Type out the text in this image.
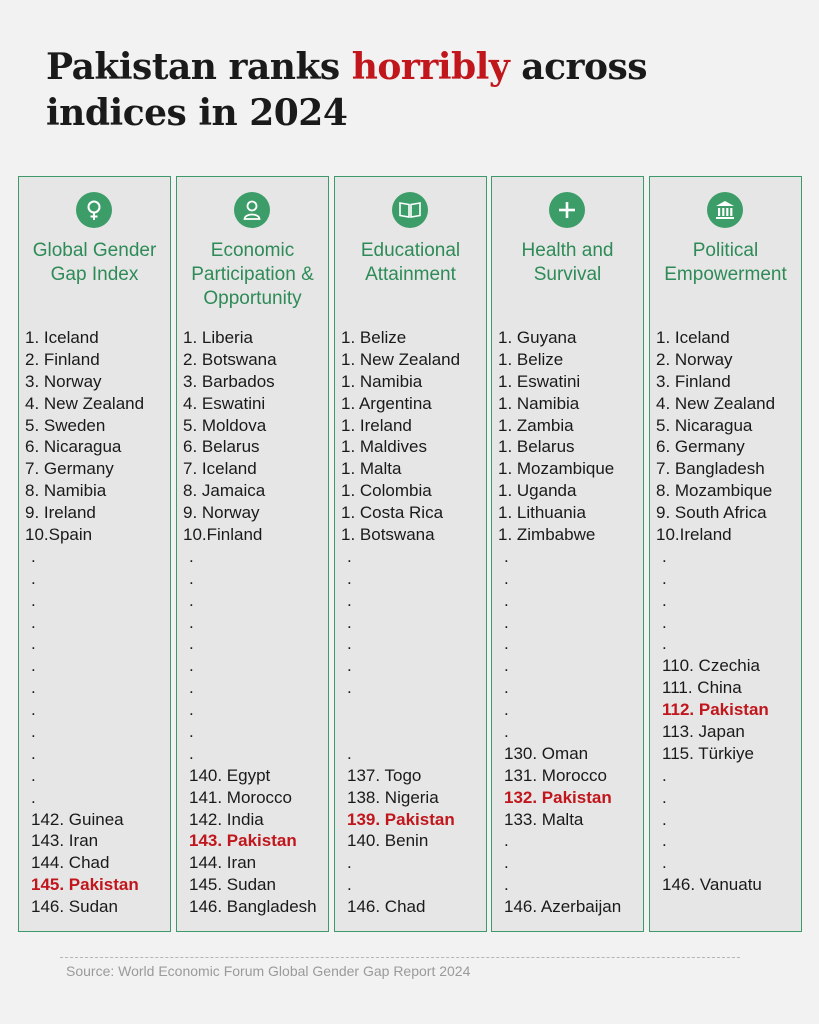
Pakistan ranks horribly across indices in 2024
Global Gender Gap Index
1. Iceland
2. Finland
3. Norway
4. New Zealand
5. Sweden
6. Nicaragua
7. Germany
8. Namibia
9. Ireland
10.Spain
.
.
.
.
.
.
.
.
.
.
.
.
142. Guinea
143. Iran
144. Chad
145. Pakistan
146. Sudan
Economic Participation & Opportunity
1. Liberia
2. Botswana
3. Barbados
4. Eswatini
5. Moldova
6. Belarus
7. Iceland
8. Jamaica
9. Norway
10.Finland
.
.
.
.
.
.
.
.
.
.
140. Egypt
141. Morocco
142. India
143. Pakistan
144. Iran
145. Sudan
146. Bangladesh
Educational Attainment
1. Belize
1. New Zealand
1. Namibia
1. Argentina
1. Ireland
1. Maldives
1. Malta
1. Colombia
1. Costa Rica
1. Botswana
.
.
.
.
.
.
.
.
137. Togo
138. Nigeria
139. Pakistan
140. Benin
.
.
146. Chad
Health and Survival
1. Guyana
1. Belize
1. Eswatini
1. Namibia
1. Zambia
1. Belarus
1. Mozambique
1. Uganda
1. Lithuania
1. Zimbabwe
.
.
.
.
.
.
.
.
.
130. Oman
131. Morocco
132. Pakistan
133. Malta
.
.
.
146. Azerbaijan
Political Empowerment
1. Iceland
2. Norway
3. Finland
4. New Zealand
5. Nicaragua
6. Germany
7. Bangladesh
8. Mozambique
9. South Africa
10.Ireland
.
.
.
.
.
110. Czechia
111. China
112. Pakistan
113. Japan
115. Türkiye
.
.
.
.
.
146. Vanuatu
Source: World Economic Forum Global Gender Gap Report 2024
